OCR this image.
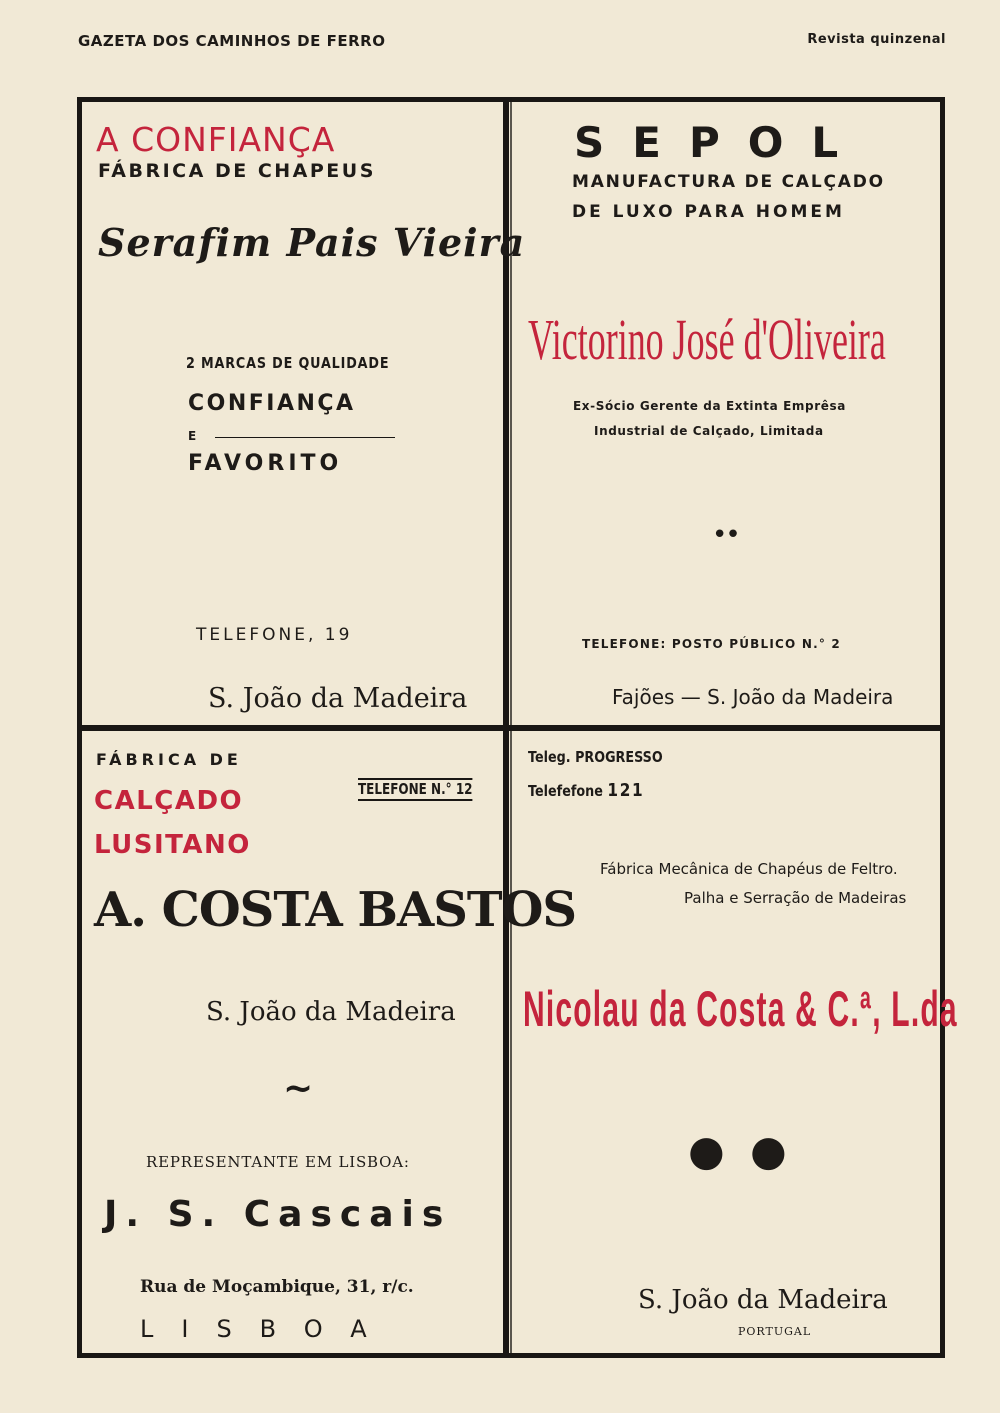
GAZETA DOS CAMINHOS DE FERRO	Revista quinzenal
A CONFIANÇA
FÁBRICA DE CHAPEUS
Serafim Pais Vieira
2 MARCAS DE QUALIDADE
CONFIANÇA
E
FAVORITO
TELEFONE, 19
S. João da Madeira
SEPOL
MANUFACTURA DE CALÇADO
DE LUXO PARA HOMEM
Victorino José d'Oliveira
Ex-Sócio Gerente da Extinta Emprêsa
Industrial de Calçado, Limitada
••
TELEFONE: POSTO PÚBLICO N.° 2
Fajões — S. João da Madeira
FÁBRICA DE
CALÇADO
LUSITANO
TELEFONE N.° 12
A. COSTA BASTOS
S. João da Madeira
~
REPRESENTANTE EM LISBOA:
J. S. Cascais
Rua de Moçambique, 31, r/c.
LISBOA
Teleg. PROGRESSO
Telefefone 121
Fábrica Mecânica de Chapéus de Feltro.
Palha e Serração de Madeiras
Nicolau da Costa & C.ª, L.da
● ●
S. João da Madeira
PORTUGAL
